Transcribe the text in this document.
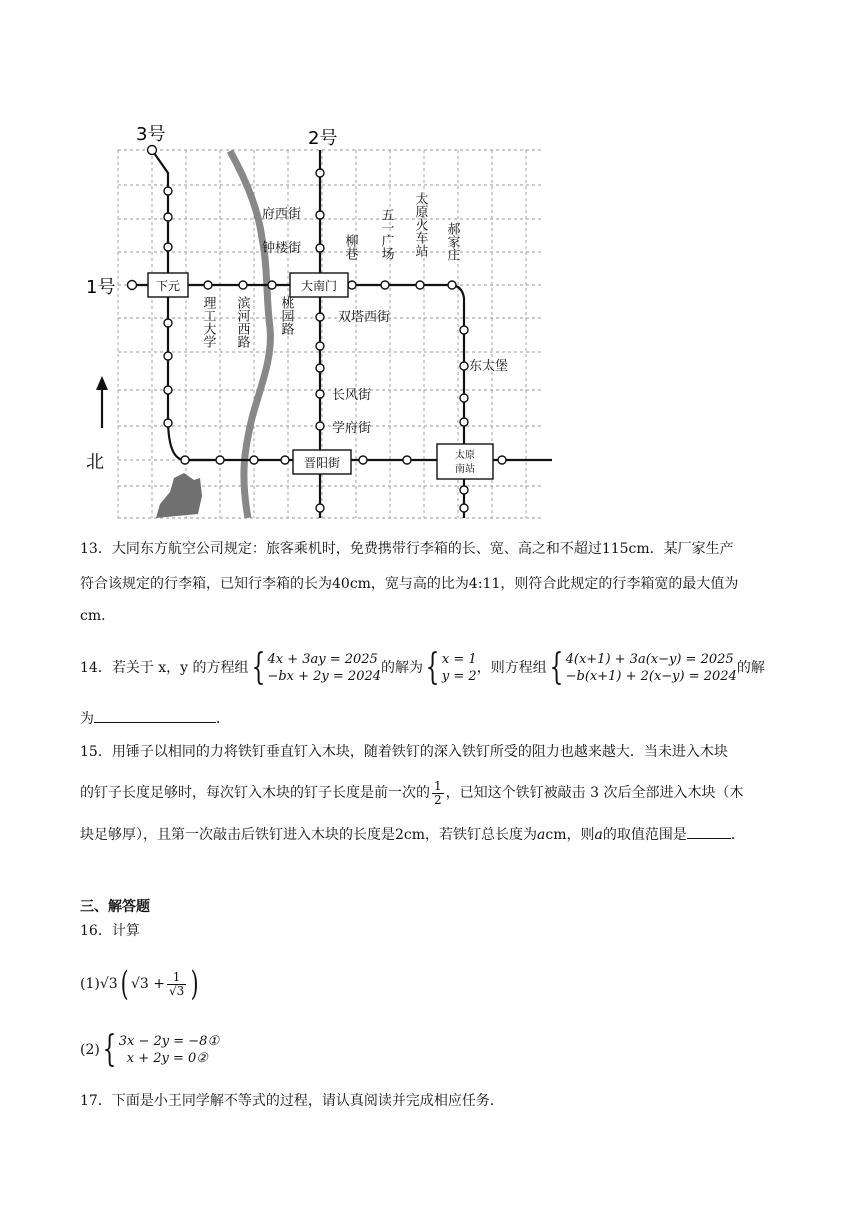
下元	大南门
晋阳街
太原
南站
3号	2号
1号
府西街
钟楼街
双塔西街
东太堡
长风街
学府街
理工大学 滨河西路 桃园路
柳巷 五一广场 太原火车站 郝家庄
北
13．大同东方航空公司规定：旅客乘机时，免费携带行李箱的长、宽、高之和不超过115cm．某厂家生产
符合该规定的行李箱，已知行李箱的长为40cm，宽与高的比为4:11，则符合此规定的行李箱宽的最大值为
cm．
14． 若关于 x，y 的方程组 { 4x + 3ay = 2025
−bx + 2y = 2024
的解为 { x = 1
y = 2
，则方程组 { 4(x+1) + 3a(x−y) = 2025
−b(x+1) + 2(x−y) = 2024
的解
为	．
15．用锤子以相同的力将铁钉垂直钉入木块，随着铁钉的深入铁钉所受的阻力也越来越大．当未进入木块
的钉子长度足够时，每次钉入木块的钉子长度是前一次的 $\frac{1}{2}$ ，已知这个铁钉被敲击 3 次后全部进入木块（木
块足够厚），且第一次敲击后铁钉进入木块的长度是2cm，若铁钉总长度为acm，则a的取值范围是	．
三、解答题
16．计算
(1) √3 ( $√3 + \frac{1}{√3}$ )
(2) { 3x − 2y = −8①
x + 2y = 0②
17．下面是小王同学解不等式的过程，请认真阅读并完成相应任务．
